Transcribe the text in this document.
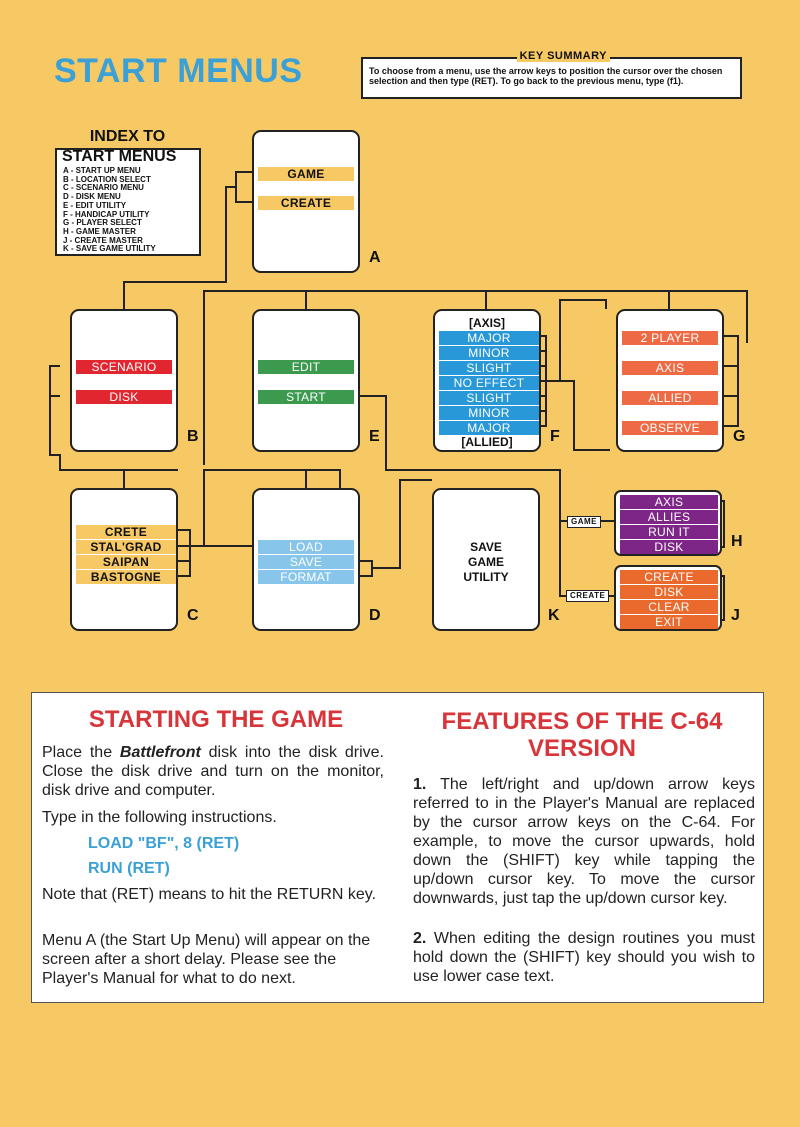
START MENUS	KEY SUMMARY
To choose from a menu, use the arrow keys to position the cursor over the chosen selection and then type (RET). To go back to the previous menu, type (f1).
INDEX TO
START MENUS
A - START UP MENU
B - LOCATION SELECT
C - SCENARIO MENU
D - DISK MENU
E - EDIT UTILITY
F - HANDICAP UTILITY
G - PLAYER SELECT
H - GAME MASTER
J - CREATE MASTER
K - SAVE GAME UTILITY
GAME
CREATE
A
SCENARIO
DISK
B
EDIT
START
E
[AXIS]
MAJOR
MINOR
SLIGHT
NO EFFECT
SLIGHT
MINOR
MAJOR
[ALLIED]	F
2 PLAYER
AXIS
ALLIED
OBSERVE	G
CRETE
STAL'GRAD
SAIPAN
BASTOGNE
C
LOAD
SAVE
FORMAT
D
SAVE
GAME
UTILITY
K
GAME
AXIS
ALLIES
RUN IT
DISK	H
CREATE
CREATE
DISK
CLEAR
EXIT	J
STARTING THE GAME
Place the Battlefront disk into the disk drive. Close the disk drive and turn on the monitor, disk drive and computer.
Type in the following instructions.
LOAD "BF", 8 (RET)
RUN (RET)
Note that (RET) means to hit the RETURN key.
Menu A (the Start Up Menu) will appear on the screen after a short delay. Please see the Player's Manual for what to do next.
FEATURES OF THE C-64
VERSION
1. The left/right and up/down arrow keys referred to in the Player's Manual are replaced by the cursor arrow keys on the C-64. For example, to move the cursor upwards, hold down the (SHIFT) key while tapping the up/down cursor key. To move the cursor downwards, just tap the up/down cursor key.
2. When editing the design routines you must hold down the (SHIFT) key should you wish to use lower case text.
